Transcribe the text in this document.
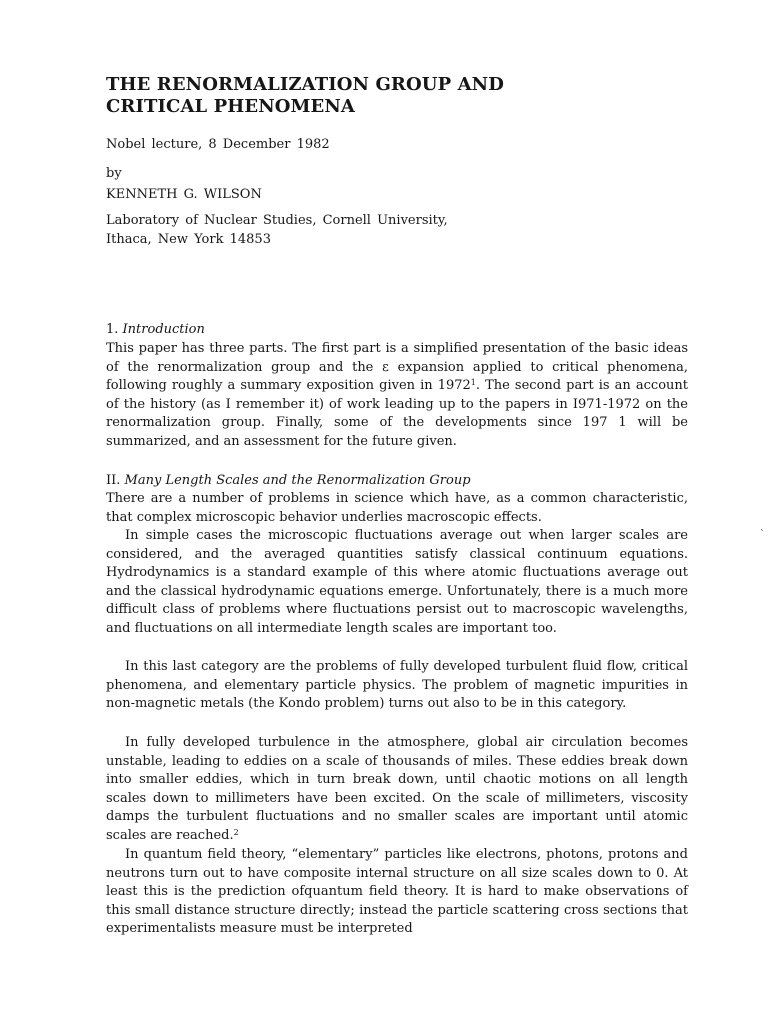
THE RENORMALIZATION GROUP AND
CRITICAL PHENOMENA

Nobel lecture, 8 December 1982

by

KENNETH G. WILSON

Laboratory of Nuclear Studies, Cornell University,
Ithaca, New York 14853

1. Introduction

This paper has three parts. The first part is a simplified presentation of the basic ideas of the renormalization group and the ε expansion applied to critical phenomena, following roughly a summary exposition given in 1972$^1$. The second part is an account of the history (as I remember it) of work leading up to the papers in I971-1972 on the renormalization group. Finally, some of the developments since 197 1 will be summarized, and an assessment for the future given.

II. Many Length Scales and the Renormalization Group

There are a number of problems in science which have, as a common characteristic, that complex microscopic behavior underlies macroscopic effects.

In simple cases the microscopic fluctuations average out when larger scales are considered, and the averaged quantities satisfy classical continuum equations. Hydrodynamics is a standard example of this where atomic fluctuations average out and the classical hydrodynamic equations emerge. Unfortunately, there is a much more difficult class of problems where fluctuations persist out to macroscopic wavelengths, and fluctuations on all intermediate length scales are important too.

In this last category are the problems of fully developed turbulent fluid flow, critical phenomena, and elementary particle physics. The problem of magnetic impurities in non-magnetic metals (the Kondo problem) turns out also to be in this category.

In fully developed turbulence in the atmosphere, global air circulation becomes unstable, leading to eddies on a scale of thousands of miles. These eddies break down into smaller eddies, which in turn break down, until chaotic motions on all length scales down to millimeters have been excited. On the scale of millimeters, viscosity damps the turbulent fluctuations and no smaller scales are important until atomic scales are reached.$^2$

In quantum field theory, “elementary” particles like electrons, photons, protons and neutrons turn out to have composite internal structure on all size scales down to 0. At least this is the prediction ofquantum field theory. It is hard to make observations of this small distance structure directly; instead the particle scattering cross sections that experimentalists measure must be interpreted

`
